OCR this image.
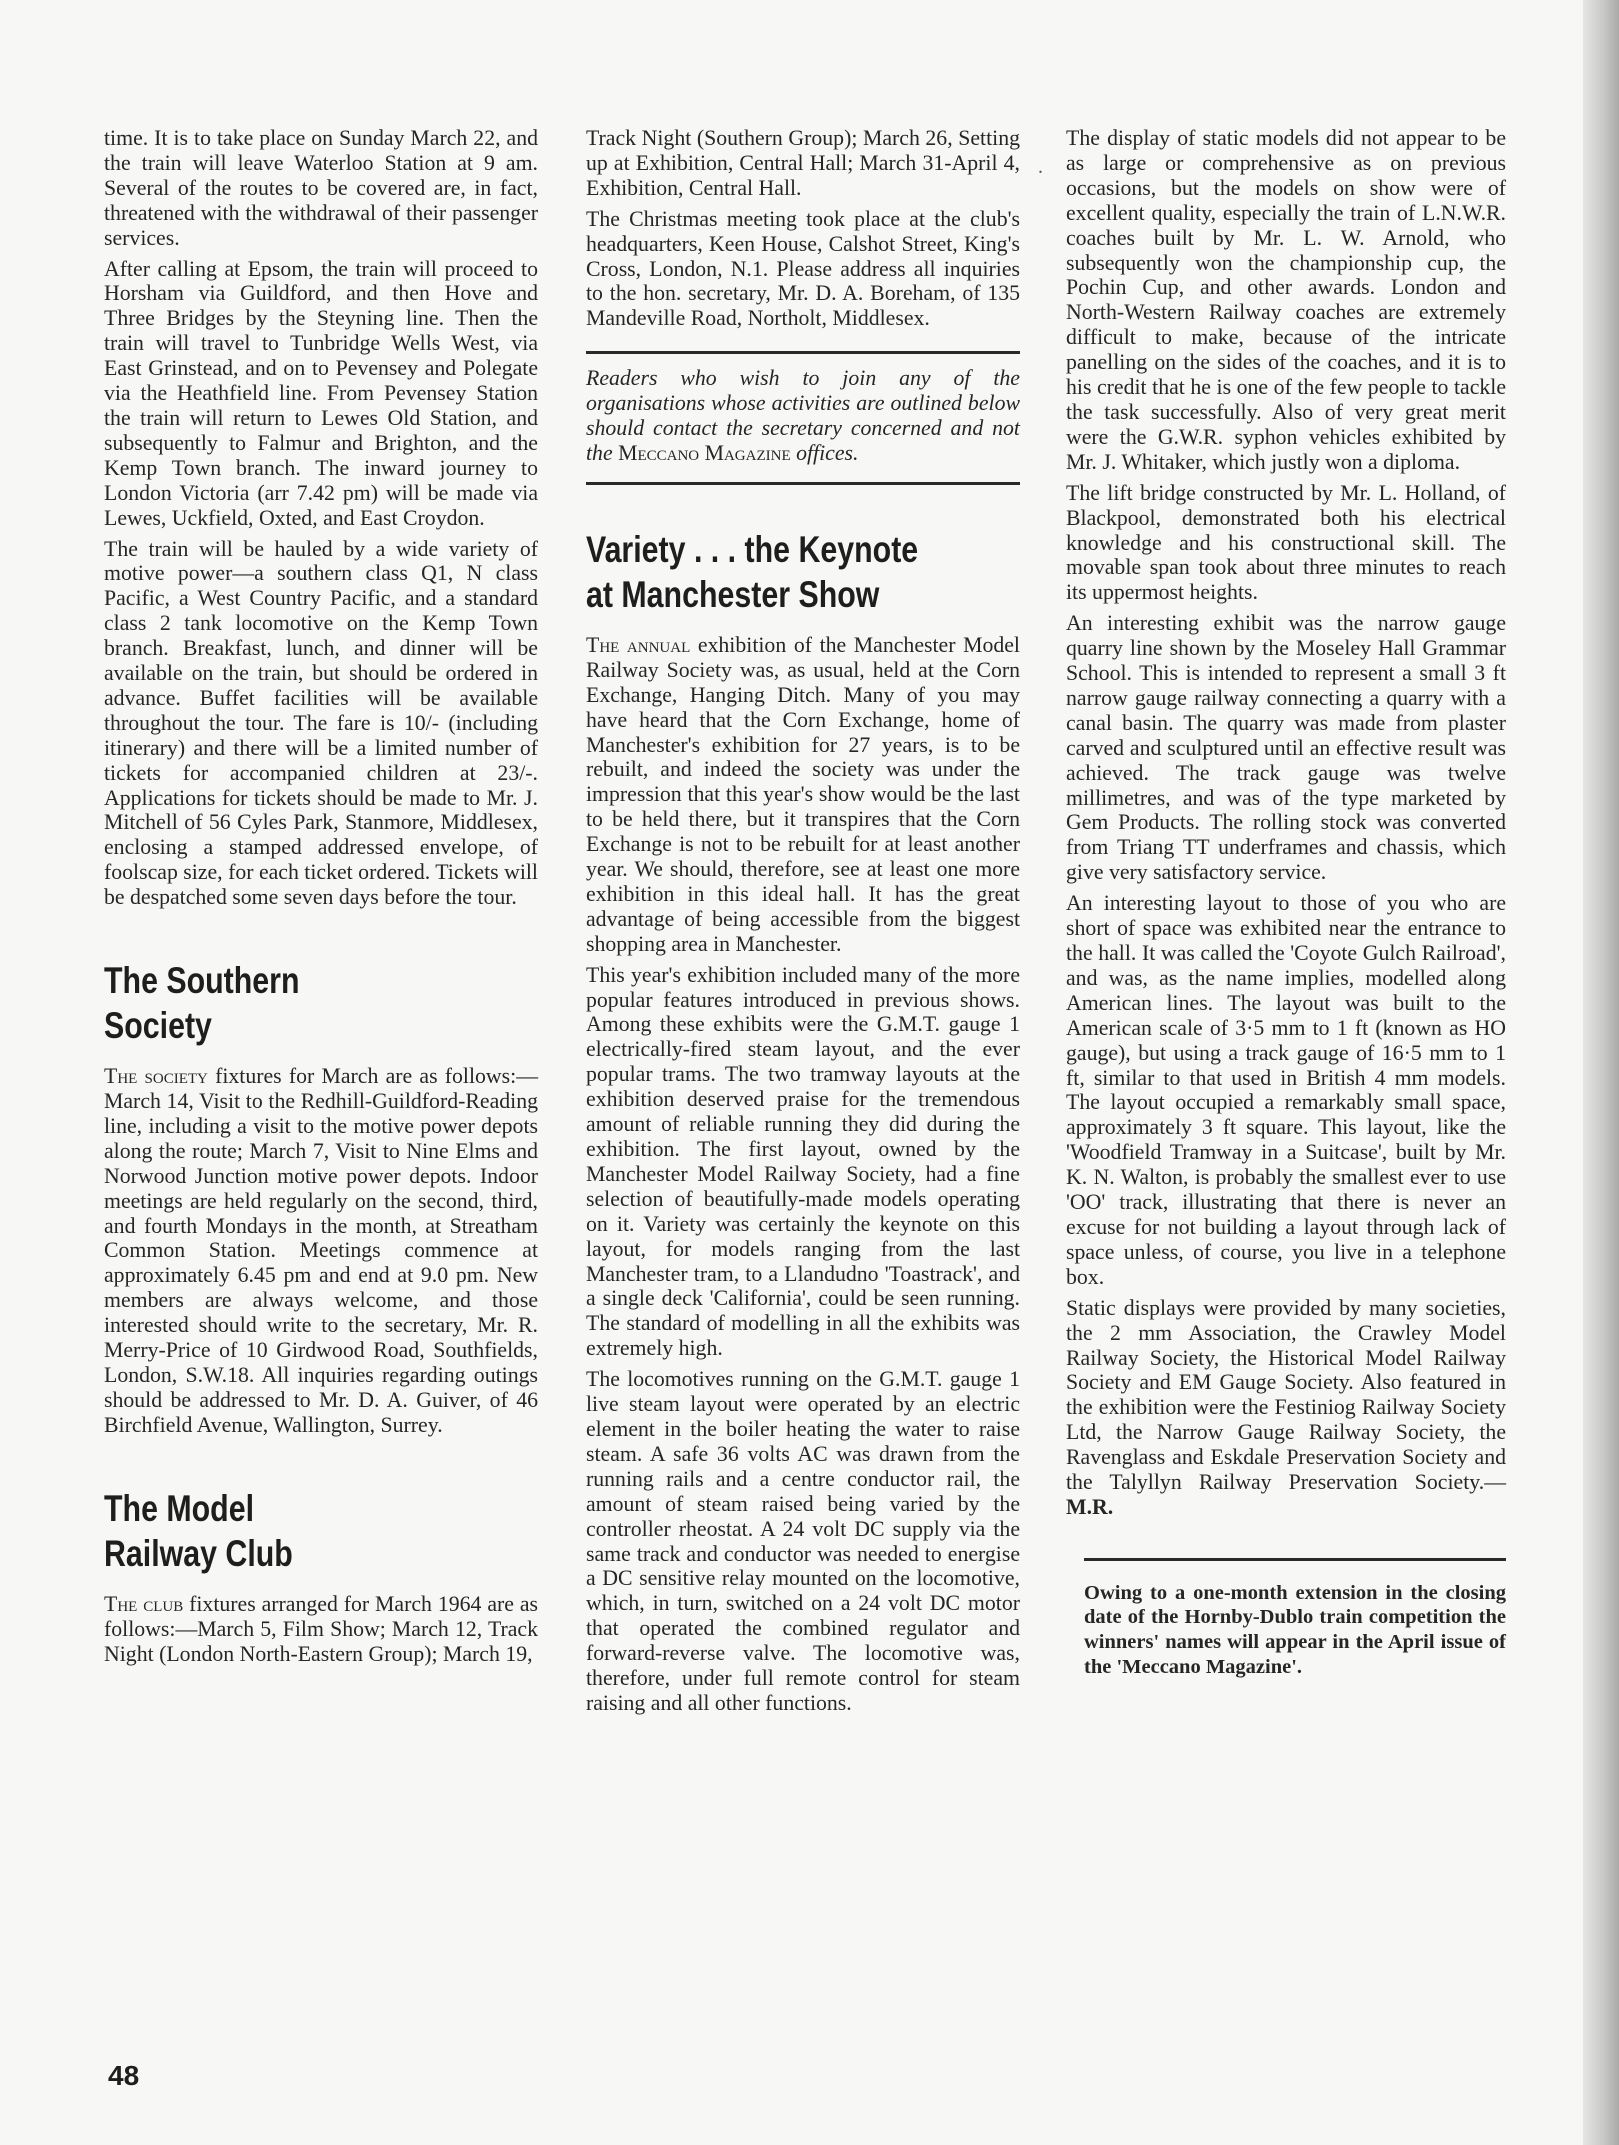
time. It is to take place on Sunday March 22, and the train will leave Waterloo Station at 9 am. Several of the routes to be covered are, in fact, threatened with the withdrawal of their passenger services.

After calling at Epsom, the train will proceed to Horsham via Guildford, and then Hove and Three Bridges by the Steyning line. Then the train will travel to Tunbridge Wells West, via East Grinstead, and on to Pevensey and Polegate via the Heathfield line. From Pevensey Station the train will return to Lewes Old Station, and subsequently to Falmur and Brighton, and the Kemp Town branch. The inward journey to London Victoria (arr 7.42 pm) will be made via Lewes, Uckfield, Oxted, and East Croydon.

The train will be hauled by a wide variety of motive power—a southern class Q1, N class Pacific, a West Country Pacific, and a standard class 2 tank locomotive on the Kemp Town branch. Breakfast, lunch, and dinner will be available on the train, but should be ordered in advance. Buffet facilities will be available throughout the tour. The fare is 10/- (including itinerary) and there will be a limited number of tickets for accompanied children at 23/-. Applications for tickets should be made to Mr. J. Mitchell of 56 Cyles Park, Stanmore, Middlesex, enclosing a stamped addressed envelope, of foolscap size, for each ticket ordered. Tickets will be despatched some seven days before the tour.

The Southern
Society

The society fixtures for March are as follows:—March 14, Visit to the Redhill-Guildford-Reading line, including a visit to the motive power depots along the route; March 7, Visit to Nine Elms and Norwood Junction motive power depots. Indoor meetings are held regularly on the second, third, and fourth Mondays in the month, at Streatham Common Station. Meetings commence at approximately 6.45 pm and end at 9.0 pm. New members are always welcome, and those interested should write to the secretary, Mr. R. Merry-Price of 10 Girdwood Road, Southfields, London, S.W.18. All inquiries regarding outings should be addressed to Mr. D. A. Guiver, of 46 Birchfield Avenue, Wallington, Surrey.

The Model
Railway Club

The club fixtures arranged for March 1964 are as follows:—March 5, Film Show; March 12, Track Night (London North-Eastern Group); March 19,

Track Night (Southern Group); March 26, Setting up at Exhibition, Central Hall; March 31-April 4, Exhibition, Central Hall.

The Christmas meeting took place at the club's headquarters, Keen House, Calshot Street, King's Cross, London, N.1. Please address all inquiries to the hon. secretary, Mr. D. A. Boreham, of 135 Mandeville Road, Northolt, Middlesex.

Readers who wish to join any of the organisations whose activities are outlined below should contact the secretary concerned and not the Meccano Magazine offices.

Variety . . . the Keynote
at Manchester Show

The annual exhibition of the Manchester Model Railway Society was, as usual, held at the Corn Exchange, Hanging Ditch. Many of you may have heard that the Corn Exchange, home of Manchester's exhibition for 27 years, is to be rebuilt, and indeed the society was under the impression that this year's show would be the last to be held there, but it transpires that the Corn Exchange is not to be rebuilt for at least another year. We should, therefore, see at least one more exhibition in this ideal hall. It has the great advantage of being accessible from the biggest shopping area in Manchester.

This year's exhibition included many of the more popular features introduced in previous shows. Among these exhibits were the G.M.T. gauge 1 electrically-fired steam layout, and the ever popular trams. The two tramway layouts at the exhibition deserved praise for the tremendous amount of reliable running they did during the exhibition. The first layout, owned by the Manchester Model Railway Society, had a fine selection of beautifully-made models operating on it. Variety was certainly the keynote on this layout, for models ranging from the last Manchester tram, to a Llandudno 'Toastrack', and a single deck 'California', could be seen running. The standard of modelling in all the exhibits was extremely high.

The locomotives running on the G.M.T. gauge 1 live steam layout were operated by an electric element in the boiler heating the water to raise steam. A safe 36 volts AC was drawn from the running rails and a centre conductor rail, the amount of steam raised being varied by the controller rheostat. A 24 volt DC supply via the same track and conductor was needed to energise a DC sensitive relay mounted on the locomotive, which, in turn, switched on a 24 volt DC motor that operated the combined regulator and forward-reverse valve. The locomotive was, therefore, under full remote control for steam raising and all other functions.

.

The display of static models did not appear to be as large or comprehensive as on previous occasions, but the models on show were of excellent quality, especially the train of L.N.W.R. coaches built by Mr. L. W. Arnold, who subsequently won the championship cup, the Pochin Cup, and other awards. London and North-Western Railway coaches are extremely difficult to make, because of the intricate panelling on the sides of the coaches, and it is to his credit that he is one of the few people to tackle the task successfully. Also of very great merit were the G.W.R. syphon vehicles exhibited by Mr. J. Whitaker, which justly won a diploma.

The lift bridge constructed by Mr. L. Holland, of Blackpool, demonstrated both his electrical knowledge and his constructional skill. The movable span took about three minutes to reach its uppermost heights.

An interesting exhibit was the narrow gauge quarry line shown by the Moseley Hall Grammar School. This is intended to represent a small 3 ft narrow gauge railway connecting a quarry with a canal basin. The quarry was made from plaster carved and sculptured until an effective result was achieved. The track gauge was twelve millimetres, and was of the type marketed by Gem Products. The rolling stock was converted from Triang TT underframes and chassis, which give very satisfactory service.

An interesting layout to those of you who are short of space was exhibited near the entrance to the hall. It was called the 'Coyote Gulch Railroad', and was, as the name implies, modelled along American lines. The layout was built to the American scale of 3·5 mm to 1 ft (known as HO gauge), but using a track gauge of 16·5 mm to 1 ft, similar to that used in British 4 mm models. The layout occupied a remarkably small space, approximately 3 ft square. This layout, like the 'Woodfield Tramway in a Suitcase', built by Mr. K. N. Walton, is probably the smallest ever to use 'OO' track, illustrating that there is never an excuse for not building a layout through lack of space unless, of course, you live in a telephone box.

Static displays were provided by many societies, the 2 mm Association, the Crawley Model Railway Society, the Historical Model Railway Society and EM Gauge Society. Also featured in the exhibition were the Festiniog Railway Society Ltd, the Narrow Gauge Railway Society, the Ravenglass and Eskdale Preservation Society and the Talyllyn Railway Preservation Society.—M.R.

Owing to a one-month extension in the closing date of the Hornby-Dublo train competition the winners' names will appear in the April issue of the 'Meccano Magazine'.

48
